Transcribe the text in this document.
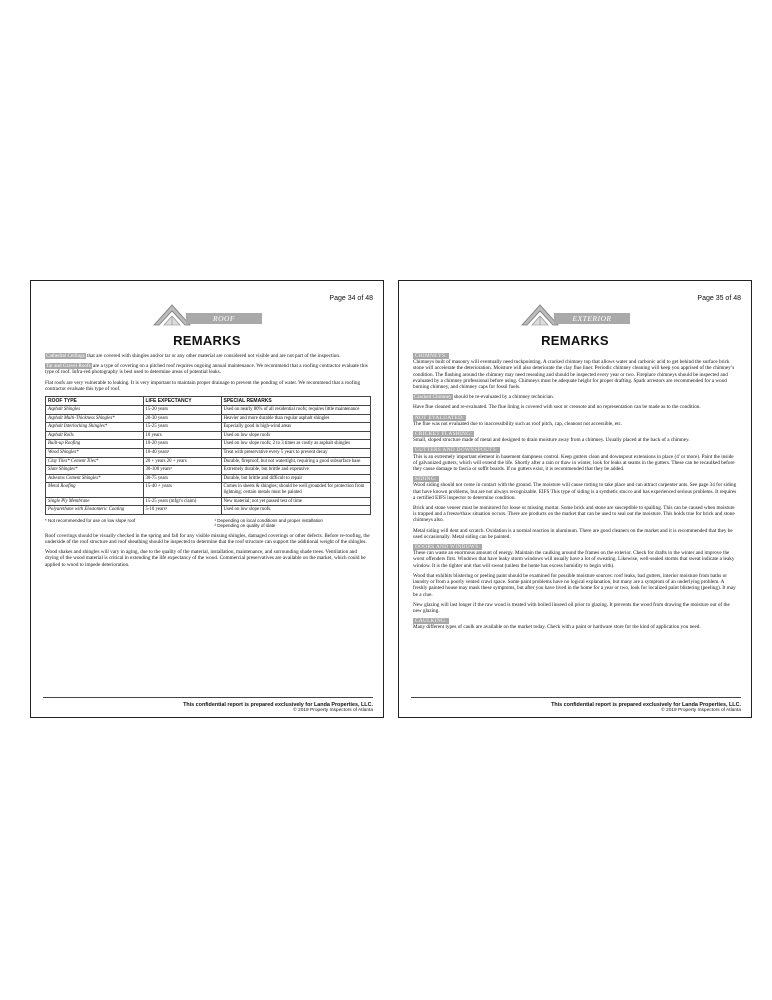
Page 34 of 48
ROOF
REMARKS

Cathedral Ceilings that are covered with shingles and/or tar or any other material are considered not visible and are not part of the inspection.

Tar and Gravel Roofs are a type of covering on a pitched roof requires ongoing annual maintenance. We recommend that a roofing contractor evaluate this type of roof. Infra-red photography is best used to determine areas of potential leaks.

Flat roofs are very vulnerable to leaking. It is very important to maintain proper drainage to prevent the ponding of water. We recommend that a roofing contractor evaluate this type of roof.

ROOF TYPE	LIFE EXPECTANCY	SPECIAL REMARKS
Asphalt Shingles	15-20 years	Used on nearly 80% of all residential roofs; requires little maintenance
Asphalt Multi-Thickness Shingles*	20-30 years	Heavier and more durable than regular asphalt shingles
Asphalt Interlocking Shingles*	15-25 years	Especially good in high-wind areas
Asphalt Rolls	10 years	Used on low slope roofs
Built-up Roofing	10-20 years	Used on low slope roofs; 2 to 3 times as costly as asphalt shingles
Wood Shingles*	10-40 years¹	Treat with preservative every 5 years to prevent decay
Clay Tiles* Cement Tiles*	20 + years 20 + years	Durable, fireproof, but not watertight, requiring a good subsurface base
Slate Shingles*	30-100 years²	Extremely durable, but brittle and expensive
Asbestos Cement Shingles*	30-75 years	Durable, but brittle and difficult to repair
Metal Roofing	15-40 + years	Comes in sheets & shingles; should be well grounded for protection from lightning; certain metals must be painted
Single Ply Membrane	15-25 years (mfgr's claim)	New material; not yet passed test of time
Polyurethane with Elastomeric Coating	5-10 years¹	Used on low slope roofs.
* Not recommended for use on low slope roof	¹ Depending on local conditions and proper installation
² Depending on quality of slate

Roof coverings should be visually checked in the spring and fall for any visible missing shingles, damaged coverings or other defects. Before re-roofing, the underside of the roof structure and roof sheathing should be inspected to determine that the roof structure can support the additional weight of the shingles.

Wood shakes and shingles will vary in aging, due to the quality of the material, installation, maintenance, and surrounding shade trees. Ventilation and drying of the wood material is critical in extending the life expectancy of the wood. Commercial preservatives are available on the market, which could be applied to wood to impede deterioration.

This confidential report is prepared exclusively for Landa Properties, LLC.
© 2019 Property Inspectors of Atlanta
Page 35 of 48
EXTERIOR
REMARKS
CHIMNEYS:

Chimneys built of masonry will eventually need tuckpointing. A cracked chimney top that allows water and carbonic acid to get behind the surface brick stone will accelerate the deterioration. Moisture will also deteriorate the clay flue liner. Periodic chimney cleaning will keep you apprised of the chimney’s condition. The flashing around the chimney may need resealing and should be inspected every year or two. Fireplace chimneys should be inspected and evaluated by a chimney professional before using. Chimneys must be adequate height for proper drafting. Spark arrestors are recommended for a wood burning chimney, and chimney caps for fossil fuels.

Cracked Chimney should be re-evaluated by a chimney technician.

Have flue cleaned and re-evaluated. The flue lining is covered with soot or creosote and no representation can be made as to the condition.

NOT EVALUATED:

The flue was not evaluated due to inaccessibility such as roof pitch, cap, cleanout not accessible, etc.

CRICKET FLASHING:

Small, sloped structure made of metal and designed to drain moisture away from a chimney. Usually placed at the back of a chimney.

GUTTERS AND DOWNSPOUTS:

This is an extremely important element in basement dampness control. Keep gutters clean and downspout extensions in place (4' or more). Paint the inside of galvanized gutters, which will extend the life. Shortly after a rain or thaw in winter, look for leaks at seams in the gutters. These can be recaulked before they cause damage to fascia or soffit boards. If no gutters exist, it is recommended that they be added.

SIDING:

Wood siding should not come in contact with the ground. The moisture will cause rotting to take place and can attract carpenter ants. See page 34 for siding that have known problems, but are not always recognizable. EIFS This type of siding is a synthetic stucco and has experienced serious problems. It requires a certified EIFS inspector to determine condition.

Brick and stone veneer must be monitored for loose or missing mortar. Some brick and stone are susceptible to spalling. This can be caused when moisture is trapped and a freeze/thaw situation occurs. There are products on the market that can be used to seal out the moisture. This holds true for brick and stone chimneys also.

Metal siding will dent and scratch. Oxidation is a normal reaction in aluminum. There are good cleaners on the market and it is recommended that they be used occasionally. Metal siding can be painted.

DOORS AND WINDOWS:

These can waste an enormous amount of energy. Maintain the caulking around the frames on the exterior. Check for drafts in the winter and improve the worst offenders first. Windows that have leaky storm windows will usually have a lot of sweating. Likewise, well-sealed storms that sweat indicate a leaky window. It is the tighter unit that will sweat (unless the home has excess humidity to begin with).

Wood that exhibits blistering or peeling paint should be examined for possible moisture sources: roof leaks, bad gutters, interior moisture from baths or laundry or from a poorly vented crawl space. Some paint problems have no logical explanation, but many are a symptom of an underlying problem. A freshly painted house may mask these symptoms, but after you have lived in the home for a year or two, look for localized paint blistering (peeling). It may be a clue.

New glazing will last longer if the raw wood is treated with boiled linseed oil prior to glazing. It prevents the wood from drawing the moisture out of the new glazing.

CAULKING:

Many different types of caulk are available on the market today. Check with a paint or hardware store for the kind of application you need.

This confidential report is prepared exclusively for Landa Properties, LLC.
© 2019 Property Inspectors of Atlanta
